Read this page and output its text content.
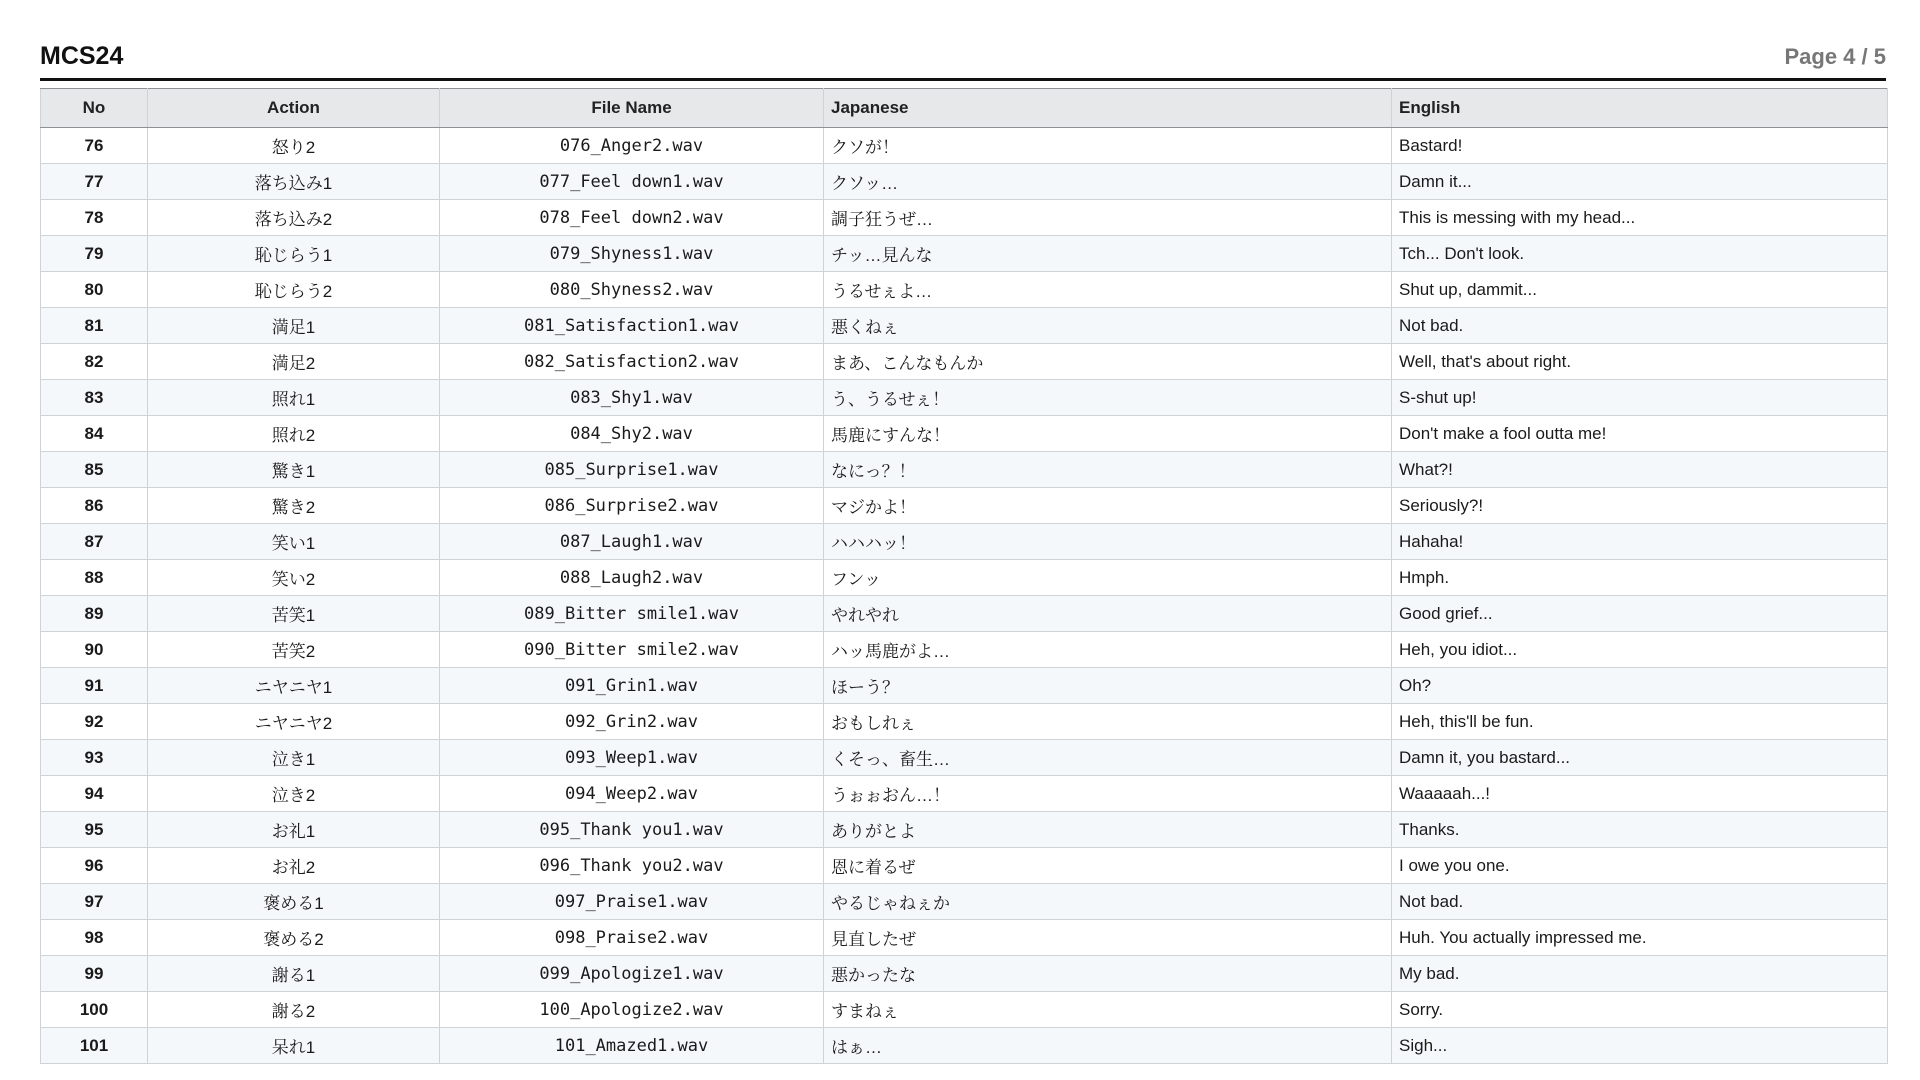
MCS24	Page 4 / 5
No	Action	File Name	Japanese	English
76	怒り2	076_Anger2.wav	クソが！	Bastard!
77	落ち込み1	077_Feel down1.wav	クソッ…	Damn it...
78	落ち込み2	078_Feel down2.wav	調子狂うぜ…	This is messing with my head...
79	恥じらう1	079_Shyness1.wav	チッ…見んな	Tch... Don't look.
80	恥じらう2	080_Shyness2.wav	うるせぇよ…	Shut up, dammit...
81	満足1	081_Satisfaction1.wav	悪くねぇ	Not bad.
82	満足2	082_Satisfaction2.wav	まあ、こんなもんか	Well, that's about right.
83	照れ1	083_Shy1.wav	う、うるせぇ！	S-shut up!
84	照れ2	084_Shy2.wav	馬鹿にすんな！	Don't make a fool outta me!
85	驚き1	085_Surprise1.wav	なにっ？！	What?!
86	驚き2	086_Surprise2.wav	マジかよ！	Seriously?!
87	笑い1	087_Laugh1.wav	ハハハッ！	Hahaha!
88	笑い2	088_Laugh2.wav	フンッ	Hmph.
89	苦笑1	089_Bitter smile1.wav	やれやれ	Good grief...
90	苦笑2	090_Bitter smile2.wav	ハッ馬鹿がよ…	Heh, you idiot...
91	ニヤニヤ1	091_Grin1.wav	ほーう？	Oh?
92	ニヤニヤ2	092_Grin2.wav	おもしれぇ	Heh, this'll be fun.
93	泣き1	093_Weep1.wav	くそっ、畜生…	Damn it, you bastard...
94	泣き2	094_Weep2.wav	うぉぉおん…！	Waaaaah...!
95	お礼1	095_Thank you1.wav	ありがとよ	Thanks.
96	お礼2	096_Thank you2.wav	恩に着るぜ	I owe you one.
97	褒める1	097_Praise1.wav	やるじゃねぇか	Not bad.
98	褒める2	098_Praise2.wav	見直したぜ	Huh. You actually impressed me.
99	謝る1	099_Apologize1.wav	悪かったな	My bad.
100	謝る2	100_Apologize2.wav	すまねぇ	Sorry.
101	呆れ1	101_Amazed1.wav	はぁ…	Sigh...
